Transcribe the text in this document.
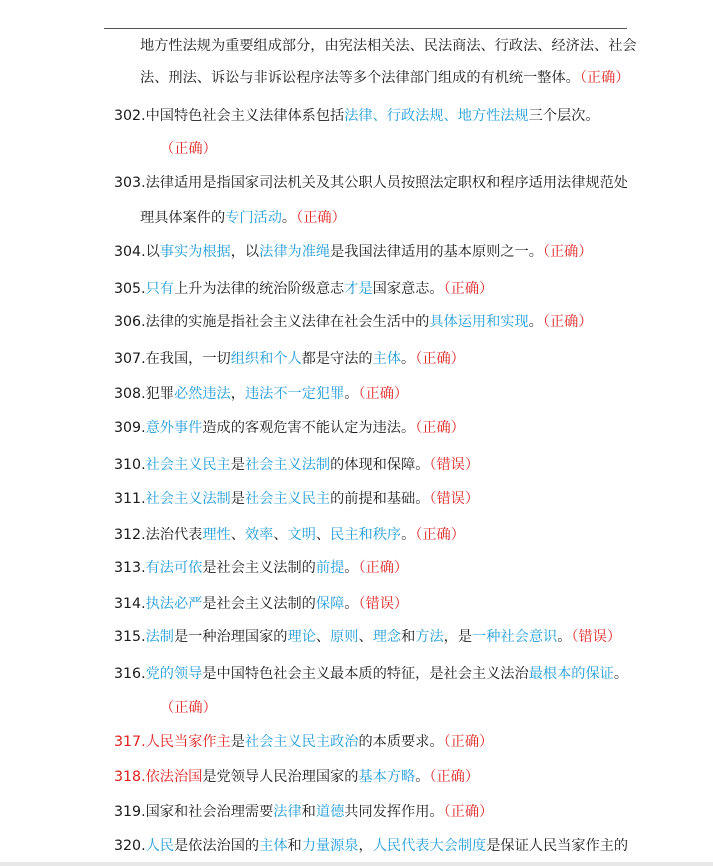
地方性法规为重要组成部分，由宪法相关法、民法商法、行政法、经济法、社会
法、刑法、诉讼与非诉讼程序法等多个法律部门组成的有机统一整体。（正确）
302.中国特色社会主义法律体系包括法律、行政法规、地方性法规三个层次。
（正确）
303.法律适用是指国家司法机关及其公职人员按照法定职权和程序适用法律规范处
理具体案件的专门活动。（正确）
304.以事实为根据，以法律为准绳是我国法律适用的基本原则之一。（正确）
305.只有上升为法律的统治阶级意志才是国家意志。（正确）
306.法律的实施是指社会主义法律在社会生活中的具体运用和实现。（正确）
307.在我国，一切组织和个人都是守法的主体。（正确）
308.犯罪必然违法，违法不一定犯罪。（正确）
309.意外事件造成的客观危害不能认定为违法。（正确）
310.社会主义民主是社会主义法制的体现和保障。（错误）
311.社会主义法制是社会主义民主的前提和基础。（错误）
312.法治代表理性、效率、文明、民主和秩序。（正确）
313.有法可依是社会主义法制的前提。（正确）
314.执法必严是社会主义法制的保障。（错误）
315.法制是一种治理国家的理论、原则、理念和方法，是一种社会意识。（错误）
316.党的领导是中国特色社会主义最本质的特征，是社会主义法治最根本的保证。
（正确）
317.人民当家作主是社会主义民主政治的本质要求。（正确）
318.依法治国是党领导人民治理国家的基本方略。（正确）
319.国家和社会治理需要法律和道德共同发挥作用。（正确）
320.人民是依法治国的主体和力量源泉，人民代表大会制度是保证人民当家作主的
